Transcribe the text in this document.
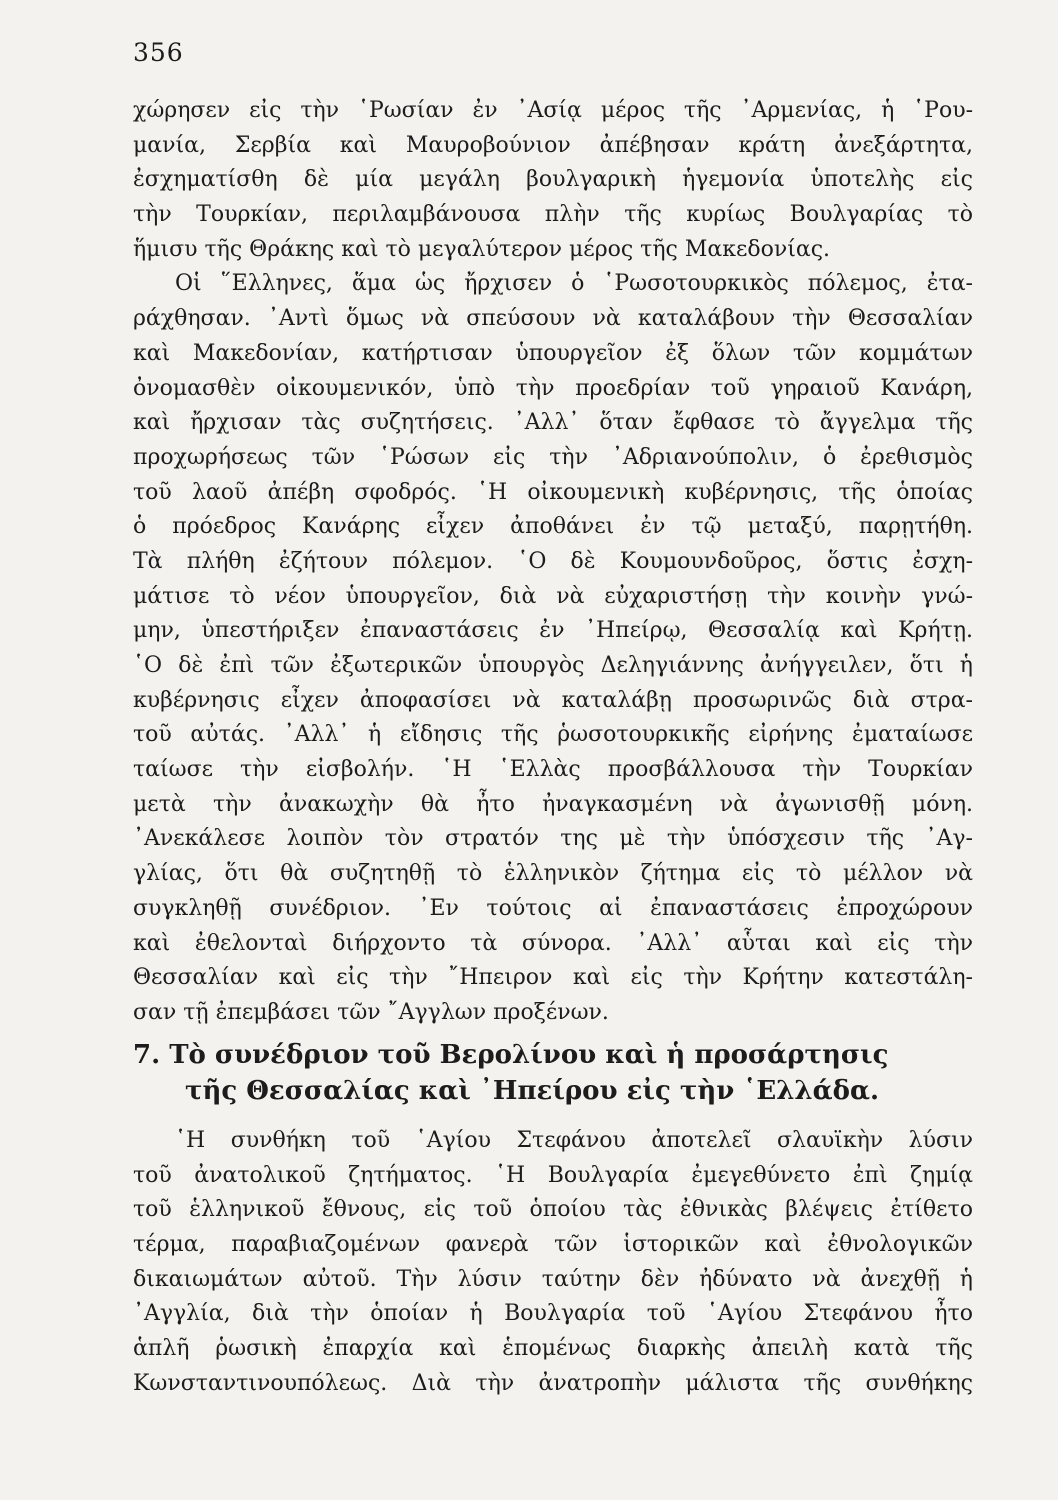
356
χώρησεν εἰς τὴν ῾Ρωσίαν ἐν ᾿Ασίᾳ μέρος τῆς ᾿Αρμενίας, ἡ ῾Ρου-
μανία, Σερβία καὶ Μαυροβούνιον ἀπέβησαν κράτη ἀνεξάρτητα,
ἐσχηματίσθη δὲ μία μεγάλη βουλγαρικὴ ἡγεμονία ὑποτελὴς εἰς
τὴν Τουρκίαν, περιλαμβάνουσα πλὴν τῆς κυρίως Βουλγαρίας τὸ
ἥμισυ τῆς Θράκης καὶ τὸ μεγαλύτερον μέρος τῆς Μακεδονίας.
Οἱ ῞Ελληνες, ἅμα ὡς ἤρχισεν ὁ ῾Ρωσοτουρκικὸς πόλεμος, ἐτα-
ράχθησαν. ᾿Αντὶ ὅμως νὰ σπεύσουν νὰ καταλάβουν τὴν Θεσσαλίαν
καὶ Μακεδονίαν, κατήρτισαν ὑπουργεῖον ἐξ ὅλων τῶν κομμάτων
ὀνομασθὲν οἰκουμενικόν, ὑπὸ τὴν προεδρίαν τοῦ γηραιοῦ Κανάρη,
καὶ ἤρχισαν τὰς συζητήσεις. ᾿Αλλ᾿ ὅταν ἔφθασε τὸ ἄγγελμα τῆς
προχωρήσεως τῶν ῾Ρώσων εἰς τὴν ᾿Αδριανούπολιν, ὁ ἐρεθισμὸς
τοῦ λαοῦ ἀπέβη σφοδρός. ῾Η οἰκουμενικὴ κυβέρνησις, τῆς ὁποίας
ὁ πρόεδρος Κανάρης εἶχεν ἀποθάνει ἐν τῷ μεταξύ, παρῃτήθη.
Τὰ πλήθη ἐζήτουν πόλεμον. ῾Ο δὲ Κουμουνδοῦρος, ὅστις ἐσχη-
μάτισε τὸ νέον ὑπουργεῖον, διὰ νὰ εὐχαριστήσῃ τὴν κοινὴν γνώ-
μην, ὑπεστήριξεν ἐπαναστάσεις ἐν ᾿Ηπείρῳ, Θεσσαλίᾳ καὶ Κρήτῃ.
῾Ο δὲ ἐπὶ τῶν ἐξωτερικῶν ὑπουργὸς Δεληγιάννης ἀνήγγειλεν, ὅτι ἡ
κυβέρνησις εἶχεν ἀποφασίσει νὰ καταλάβῃ προσωρινῶς διὰ στρα-
τοῦ αὐτάς. ᾿Αλλ᾿ ἡ εἴδησις τῆς ῥωσοτουρκικῆς εἰρήνης ἐματαίωσε
ταίωσε τὴν εἰσβολήν. ῾Η ῾Ελλὰς προσβάλλουσα τὴν Τουρκίαν
μετὰ τὴν ἀνακωχὴν θὰ ἦτο ἠναγκασμένη νὰ ἀγωνισθῇ μόνη.
᾿Ανεκάλεσε λοιπὸν τὸν στρατόν της μὲ τὴν ὑπόσχεσιν τῆς ᾿Αγ-
γλίας, ὅτι θὰ συζητηθῇ τὸ ἑλληνικὸν ζήτημα εἰς τὸ μέλλον νὰ
συγκληθῇ συνέδριον. ᾿Εν τούτοις αἱ ἐπαναστάσεις ἐπροχώρουν
καὶ ἐθελονταὶ διήρχοντο τὰ σύνορα. ᾿Αλλ᾿ αὗται καὶ εἰς τὴν
Θεσσαλίαν καὶ εἰς τὴν ῎Ηπειρον καὶ εἰς τὴν Κρήτην κατεστάλη-
σαν τῇ ἐπεμβάσει τῶν ῎Αγγλων προξένων.
7. Τὸ συνέδριον τοῦ Βερολίνου καὶ ἡ προσάρτησις
τῆς Θεσσαλίας καὶ ᾿Ηπείρου εἰς τὴν ῾Ελλάδα.
῾Η συνθήκη τοῦ ῾Αγίου Στεφάνου ἀποτελεῖ σλαυϊκὴν λύσιν
τοῦ ἀνατολικοῦ ζητήματος. ῾Η Βουλγαρία ἐμεγεθύνετο ἐπὶ ζημίᾳ
τοῦ ἑλληνικοῦ ἔθνους, εἰς τοῦ ὁποίου τὰς ἐθνικὰς βλέψεις ἐτίθετο
τέρμα, παραβιαζομένων φανερὰ τῶν ἱστορικῶν καὶ ἐθνολογικῶν
δικαιωμάτων αὐτοῦ. Τὴν λύσιν ταύτην δὲν ἠδύνατο νὰ ἀνεχθῇ ἡ
᾿Αγγλία, διὰ τὴν ὁποίαν ἡ Βουλγαρία τοῦ ῾Αγίου Στεφάνου ἦτο
ἁπλῆ ῥωσικὴ ἐπαρχία καὶ ἑπομένως διαρκὴς ἀπειλὴ κατὰ τῆς
Κωνσταντινουπόλεως. Διὰ τὴν ἀνατροπὴν μάλιστα τῆς συνθήκης
